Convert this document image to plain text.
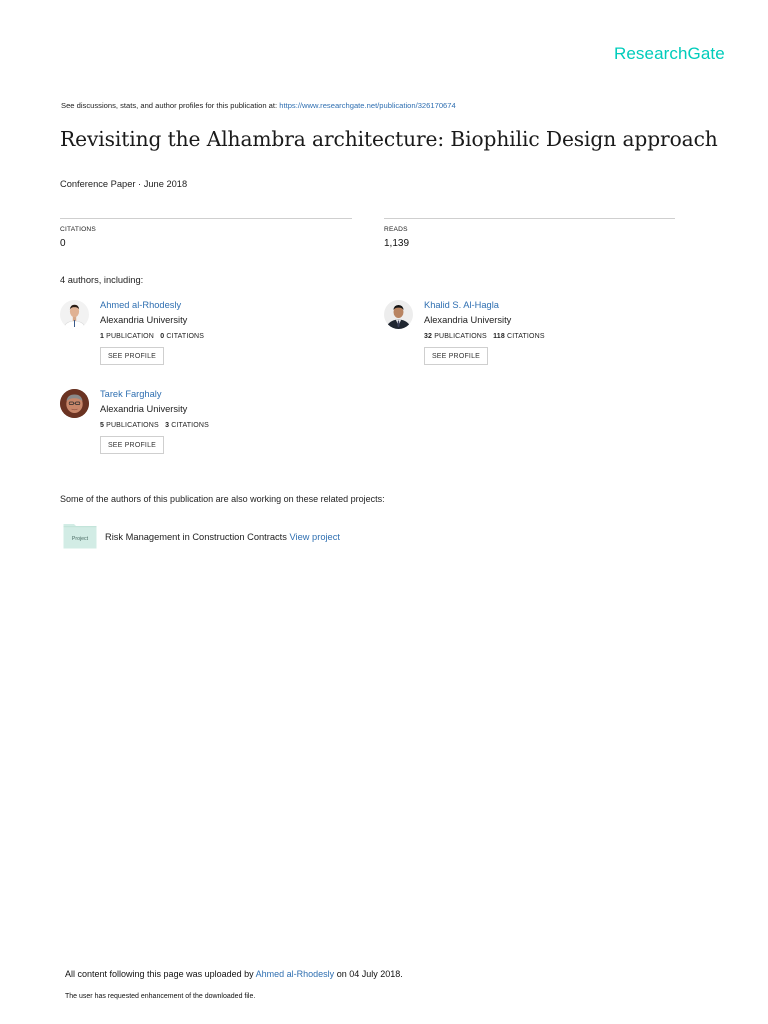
ResearchGate
See discussions, stats, and author profiles for this publication at: https://www.researchgate.net/publication/326170674
Revisiting the Alhambra architecture: Biophilic Design approach
Conference Paper · June 2018
CITATIONS
0
READS
1,139
4 authors, including:
Ahmed al-Rhodesly
Alexandria University
1 PUBLICATION 0 CITATIONS
SEE PROFILE
Khalid S. Al-Hagla
Alexandria University
32 PUBLICATIONS 118 CITATIONS
SEE PROFILE
Tarek Farghaly
Alexandria University
5 PUBLICATIONS 3 CITATIONS
SEE PROFILE
Some of the authors of this publication are also working on these related projects:
Project Risk Management in Construction Contracts View project
All content following this page was uploaded by Ahmed al-Rhodesly on 04 July 2018.
The user has requested enhancement of the downloaded file.
